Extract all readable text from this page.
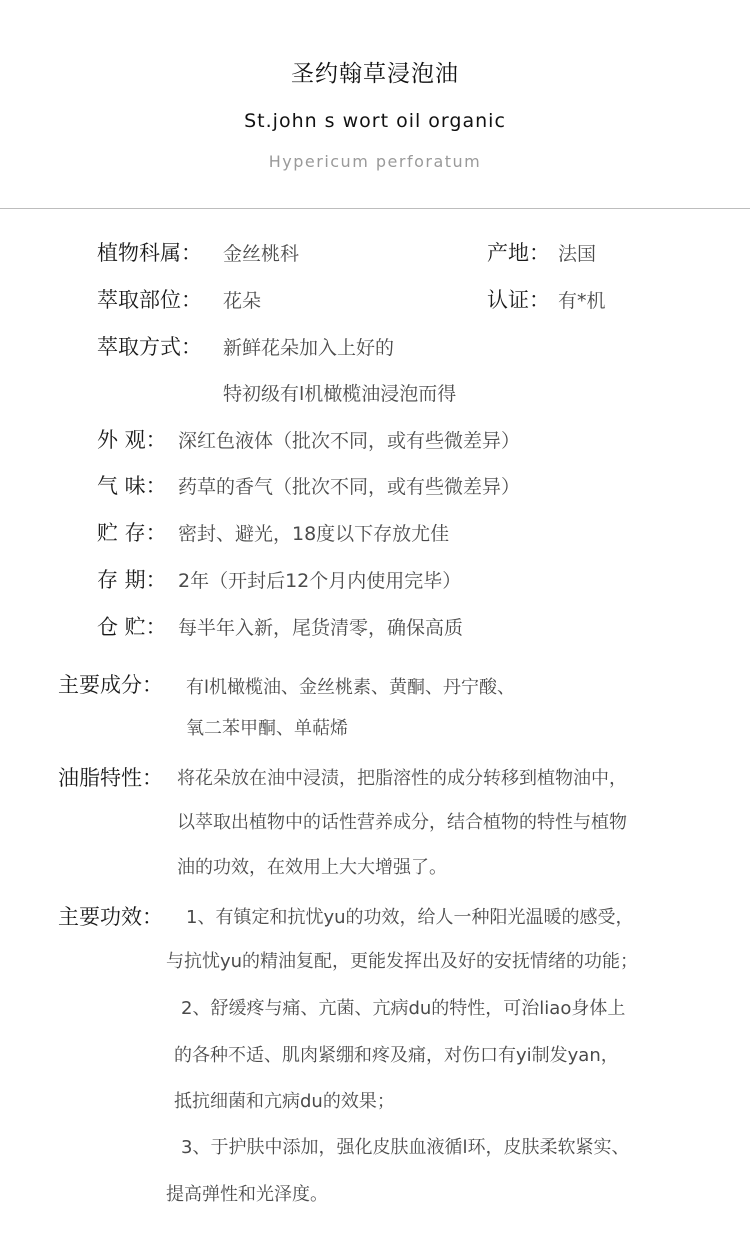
圣约翰草浸泡油
St.john s wort oil organic
Hypericum perforatum
植物科属： 金丝桃科	产地： 法国
萃取部位： 花朵	认证： 有*机
萃取方式： 新鲜花朵加入上好的
特初级有l机橄榄油浸泡而得
外 观： 深红色液体（批次不同，或有些微差异）
气 味： 药草的香气（批次不同，或有些微差异）
贮 存： 密封、避光，18度以下存放尤佳
存 期： 2年（开封后12个月内使用完毕）
仓 贮： 每半年入新，尾货清零，确保高质
主要成分： 有l机橄榄油、金丝桃素、黄酮、丹宁酸、
氧二苯甲酮、单萜烯
油脂特性： 将花朵放在油中浸渍，把脂溶性的成分转移到植物油中，
以萃取出植物中的话性营养成分，结合植物的特性与植物
油的功效，在效用上大大增强了。
主要功效： 1、有镇定和抗忧yu的功效，给人一种阳光温暖的感受，
与抗忧yu的精油复配，更能发挥出及好的安抚情绪的功能；
2、舒缓疼与痛、亢菌、亢病du的特性，可治liao身体上
的各种不适、肌肉紧绷和疼及痛，对伤口有yi制发yan，
抵抗细菌和亢病du的效果；
3、于护肤中添加，强化皮肤血液循l环，皮肤柔软紧实、
提高弹性和光泽度。
